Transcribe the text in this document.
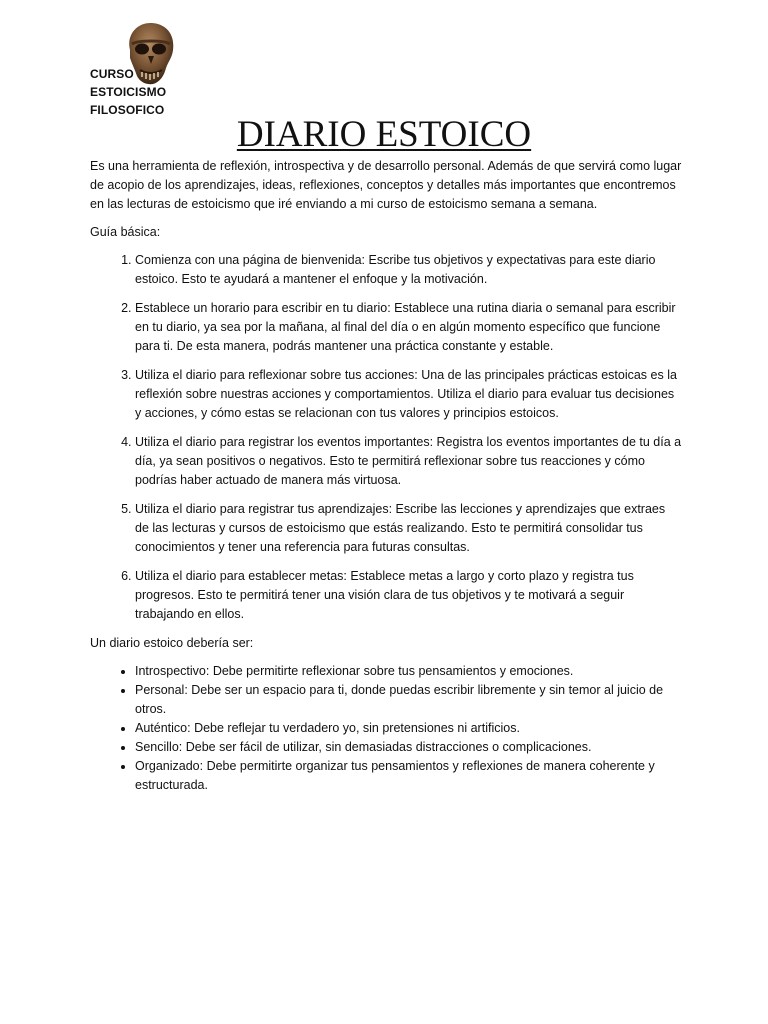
CURSO
ESTOICISMO
FILOSOFICO
DIARIO ESTOICO

Es una herramienta de reflexión, introspectiva y de desarrollo personal. Además de que servirá como lugar de acopio de los aprendizajes, ideas, reflexiones, conceptos y detalles más importantes que encontremos en las lecturas de estoicismo que iré enviando a mi curso de estoicismo semana a semana.

Guía básica:

1. Comienza con una página de bienvenida: Escribe tus objetivos y expectativas para este diario estoico. Esto te ayudará a mantener el enfoque y la motivación.
2. Establece un horario para escribir en tu diario: Establece una rutina diaria o semanal para escribir en tu diario, ya sea por la mañana, al final del día o en algún momento específico que funcione para ti. De esta manera, podrás mantener una práctica constante y estable.
3. Utiliza el diario para reflexionar sobre tus acciones: Una de las principales prácticas estoicas es la reflexión sobre nuestras acciones y comportamientos. Utiliza el diario para evaluar tus decisiones y acciones, y cómo estas se relacionan con tus valores y principios estoicos.
4. Utiliza el diario para registrar los eventos importantes: Registra los eventos importantes de tu día a día, ya sean positivos o negativos. Esto te permitirá reflexionar sobre tus reacciones y cómo podrías haber actuado de manera más virtuosa.
5. Utiliza el diario para registrar tus aprendizajes: Escribe las lecciones y aprendizajes que extraes de las lecturas y cursos de estoicismo que estás realizando. Esto te permitirá consolidar tus conocimientos y tener una referencia para futuras consultas.
6. Utiliza el diario para establecer metas: Establece metas a largo y corto plazo y registra tus progresos. Esto te permitirá tener una visión clara de tus objetivos y te motivará a seguir trabajando en ellos.

Un diario estoico debería ser:

• Introspectivo: Debe permitirte reflexionar sobre tus pensamientos y emociones.
• Personal: Debe ser un espacio para ti, donde puedas escribir libremente y sin temor al juicio de otros.
• Auténtico: Debe reflejar tu verdadero yo, sin pretensiones ni artificios.
• Sencillo: Debe ser fácil de utilizar, sin demasiadas distracciones o complicaciones.
• Organizado: Debe permitirte organizar tus pensamientos y reflexiones de manera coherente y estructurada.
